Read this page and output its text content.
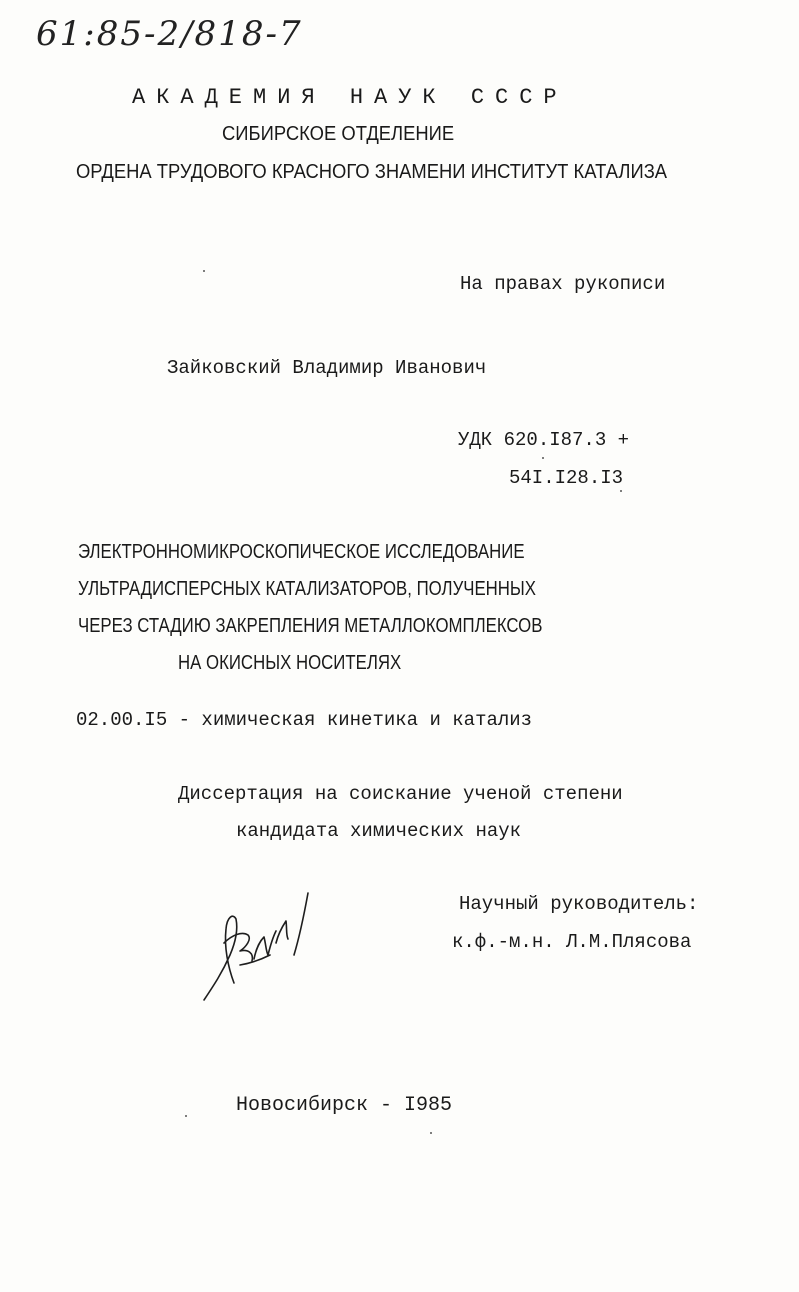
61:85-2/818-7
АКАДЕМИЯ НАУК СССР
СИБИРСКОЕ ОТДЕЛЕНИЕ
ОРДЕНА ТРУДОВОГО КРАСНОГО ЗНАМЕНИ ИНСТИТУТ КАТАЛИЗА
На правах рукописи
Зайковский Владимир Иванович
УДК 620.I87.3 +
54I.I28.I3
ЭЛЕКТРОННОМИКРОСКОПИЧЕСКОЕ ИССЛЕДОВАНИЕ
УЛЬТРАДИСПЕРСНЫХ КАТАЛИЗАТОРОВ, ПОЛУЧЕННЫХ
ЧЕРЕЗ СТАДИЮ ЗАКРЕПЛЕНИЯ МЕТАЛЛОКОМПЛЕКСОВ
НА ОКИСНЫХ НОСИТЕЛЯХ
02.00.I5 - химическая кинетика и катализ
Диссертация на соискание ученой степени
кандидата химических наук
Научный руководитель:
к.ф.-м.н. Л.М.Плясова
Новосибирск - I985
